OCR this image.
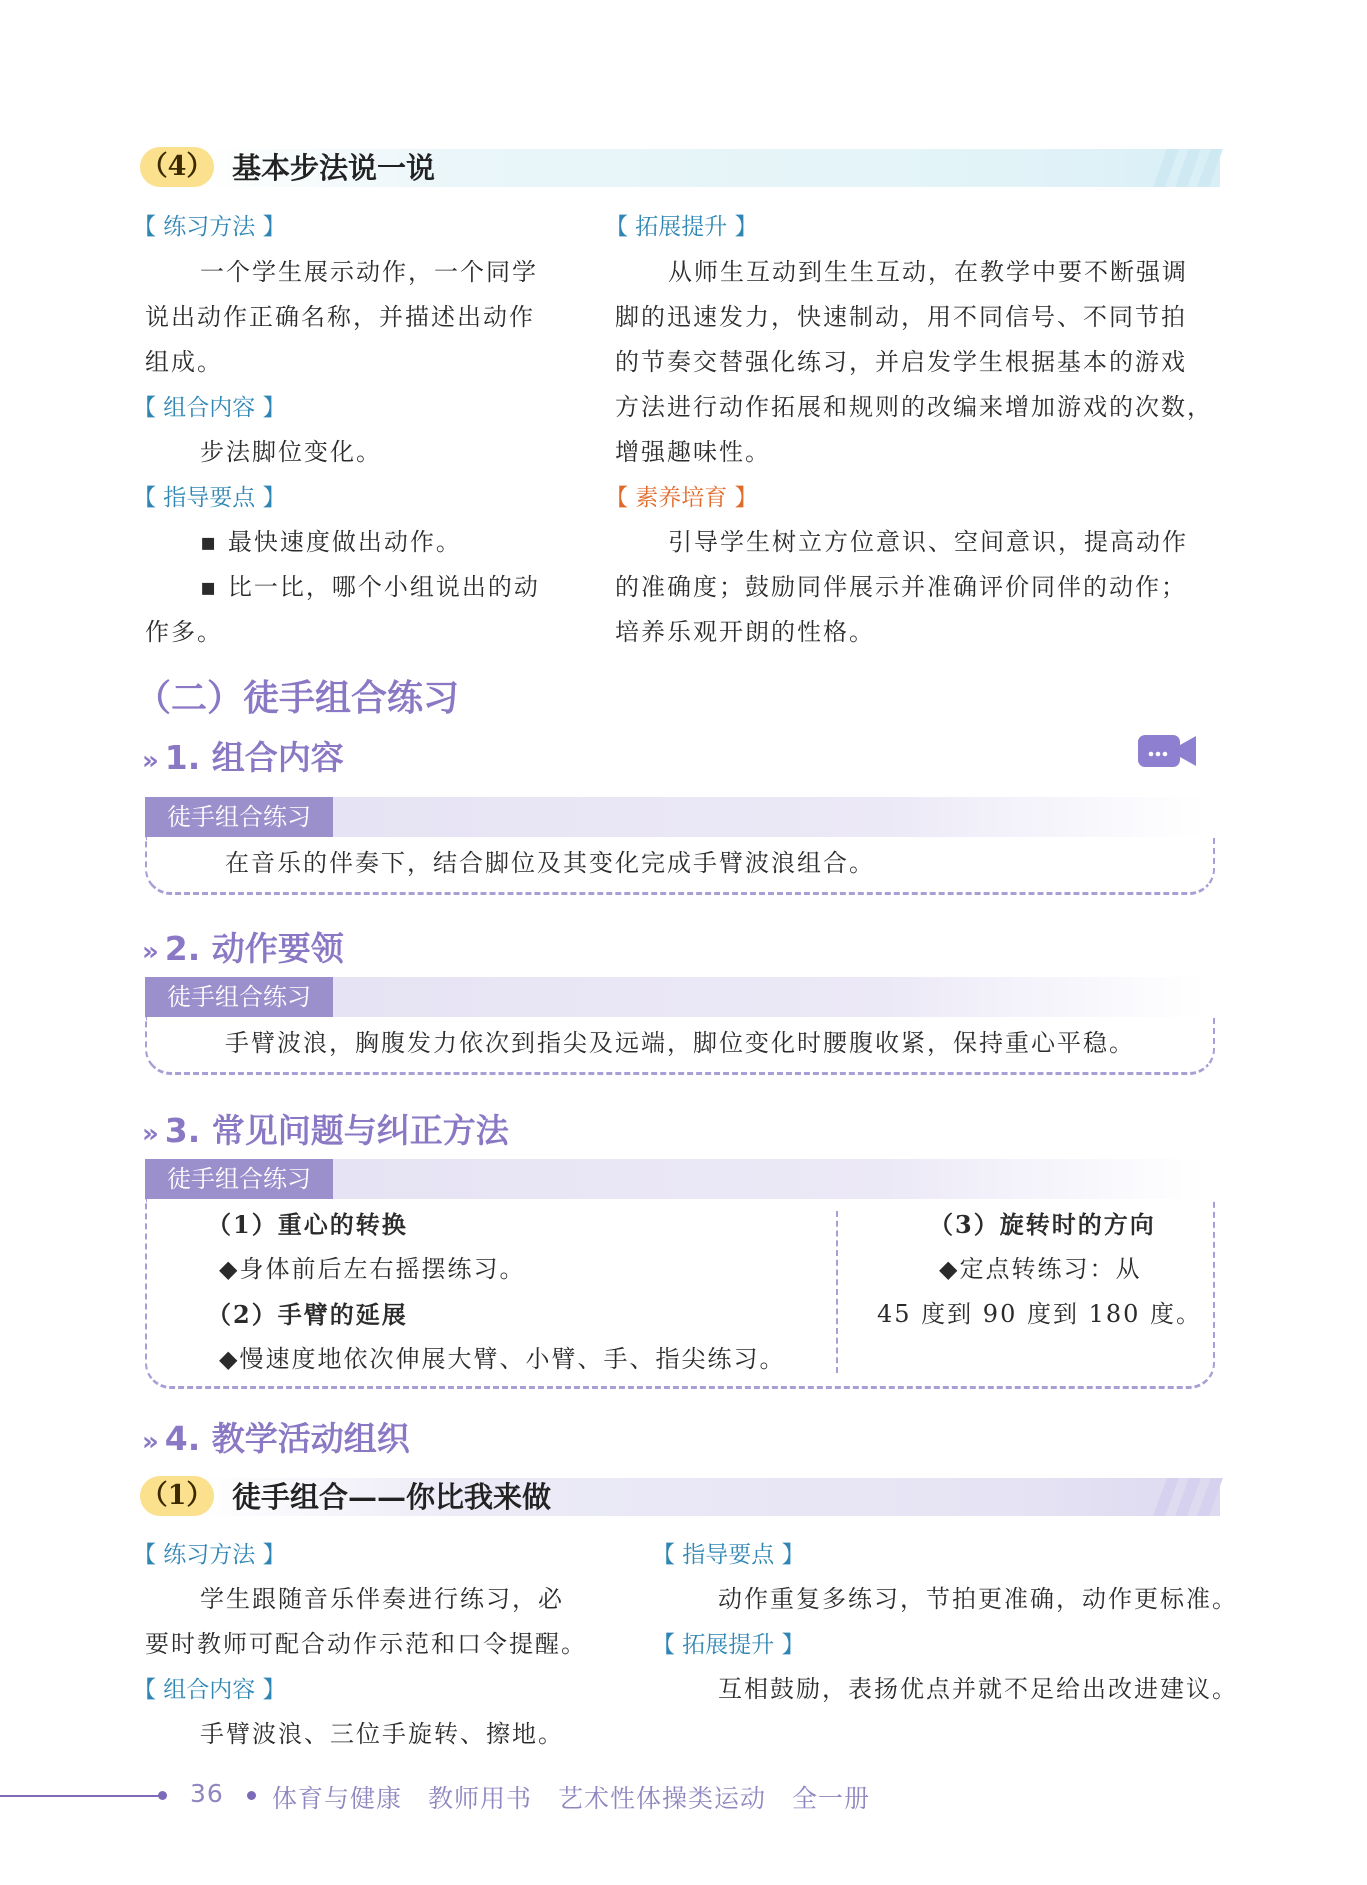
（4） 基本步法说一说
【 练习方法 】
一个学生展示动作，一个同学
说出动作正确名称，并描述出动作
组成。
【 组合内容 】
步法脚位变化。
【 指导要点 】
▪ 最快速度做出动作。
▪ 比一比，哪个小组说出的动
作多。
【 拓展提升 】
从师生互动到生生互动，在教学中要不断强调
脚的迅速发力，快速制动，用不同信号、不同节拍
的节奏交替强化练习，并启发学生根据基本的游戏
方法进行动作拓展和规则的改编来增加游戏的次数，
增强趣味性。
【 素养培育 】
引导学生树立方位意识、空间意识，提高动作
的准确度；鼓励同伴展示并准确评价同伴的动作；
培养乐观开朗的性格。
（二）徒手组合练习
» 1. 组合内容
徒手组合练习
在音乐的伴奏下，结合脚位及其变化完成手臂波浪组合。
» 2. 动作要领
徒手组合练习
手臂波浪，胸腹发力依次到指尖及远端，脚位变化时腰腹收紧，保持重心平稳。
» 3. 常见问题与纠正方法
徒手组合练习
（1）重心的转换
◆身体前后左右摇摆练习。
（2）手臂的延展
◆慢速度地依次伸展大臂、小臂、手、指尖练习。
（3）旋转时的方向
◆定点转练习：从
45 度到 90 度到 180 度。
» 4. 教学活动组织
（1） 徒手组合——你比我来做
【 练习方法 】
学生跟随音乐伴奏进行练习，必
要时教师可配合动作示范和口令提醒。
【 组合内容 】
手臂波浪、三位手旋转、擦地。
【 指导要点 】
动作重复多练习，节拍更准确，动作更标准。
【 拓展提升 】
互相鼓励，表扬优点并就不足给出改进建议。
36 体育与健康　教师用书　艺术性体操类运动　全一册
